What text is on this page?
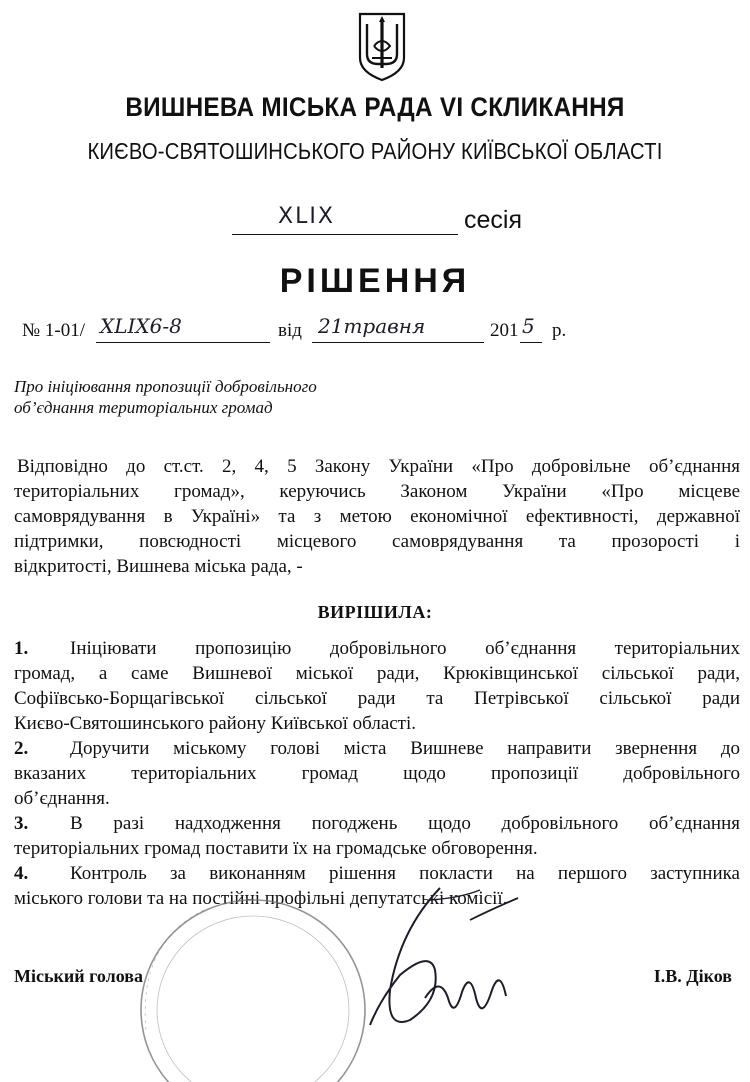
ВИШНЕВА МІСЬКА РАДА VI СКЛИКАННЯ
КИЄВО-СВЯТОШИНСЬКОГО РАЙОНУ КИЇВСЬКОЇ ОБЛАСТІ
XLIX	сесія
РІШЕННЯ
№ 1-01/ XLIX6-8	від 21травня	201 5 р.
Про ініціювання пропозиції добровільного
об’єднання територіальних громад
Відповідно до ст.ст. 2, 4, 5 Закону України «Про добровільне об’єднання
територіальних громад», керуючись Законом України «Про місцеве
самоврядування в Україні» та з метою економічної ефективності, державної
підтримки, повсюдності місцевого самоврядування та прозорості і
відкритості, Вишнева міська рада, -
ВИРІШИЛА:
1.	Ініціювати пропозицію добровільного об’єднання територіальних
громад, а саме Вишневої міської ради, Крюківщинської сільської ради,
Софіївсько-Борщагівської сільської ради та Петрівської сільської ради
Києво-Святошинського району Київської області.
2.	Доручити міському голові міста Вишневе направити звернення до
вказаних територіальних громад щодо пропозиції добровільного
об’єднання.
3.	В разі надходження погоджень щодо добровільного об’єднання
територіальних громад поставити їх на громадське обговорення.
4.	Контроль за виконанням рішення покласти на першого заступника
міського голови та на постійні профільні депутатські комісії.
Міський голова	І.В. Діков
